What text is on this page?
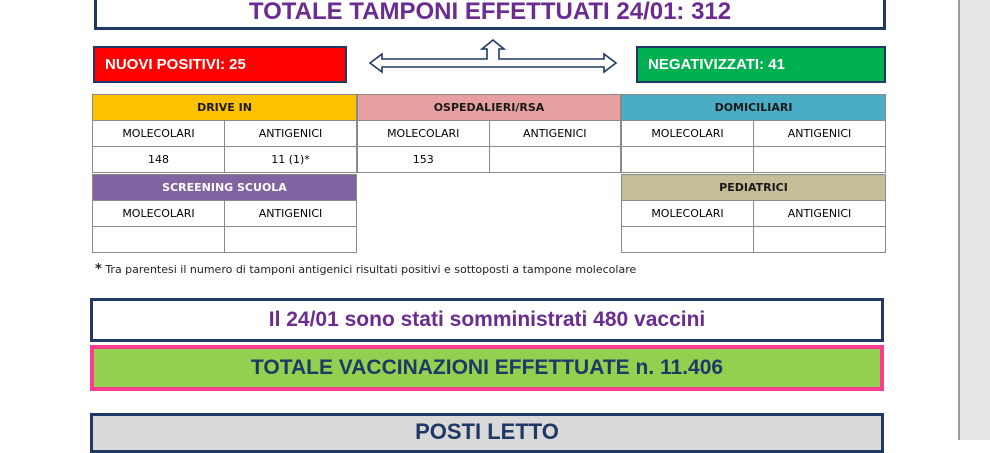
TOTALE TAMPONI EFFETTUATI 24/01: 312
NUOVI POSITIVI: 25	NEGATIVIZZATI: 41
DRIVE IN	
MOLECOLARI	ANTIGENICI
148	11 (1)*
OSPEDALIERI/RSA	
MOLECOLARI	ANTIGENICI
153	
DOMICILIARI	
MOLECOLARI	ANTIGENICI

SCREENING SCUOLA	
MOLECOLARI	ANTIGENICI

PEDIATRICI	
MOLECOLARI	ANTIGENICI

* Tra parentesi il numero di tamponi antigenici risultati positivi e sottoposti a tampone molecolare
Il 24/01 sono stati somministrati 480 vaccini
TOTALE VACCINAZIONI EFFETTUATE n. 11.406
POSTI LETTO
